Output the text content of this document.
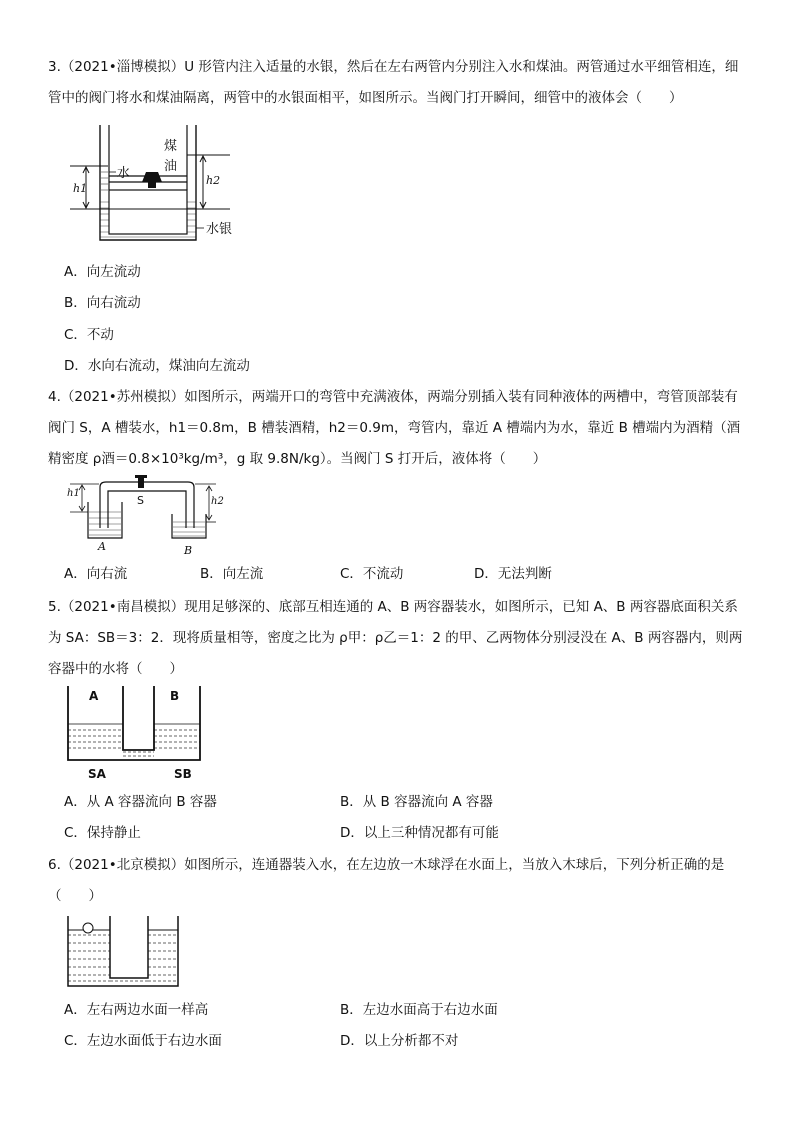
3.（2021•淄博模拟）U 形管内注入适量的水银，然后在左右两管内分别注入水和煤油。两管通过水平细管相连，细管中的阀门将水和煤油隔离，两管中的水银面相平，如图所示。当阀门打开瞬间，细管中的液体会（　　）

水
煤
油
水银
h1
h2
A．向左流动
B．向右流动
C．不动
D．水向右流动，煤油向左流动

4.（2021•苏州模拟）如图所示，两端开口的弯管中充满液体，两端分别插入装有同种液体的两槽中，弯管顶部装有阀门 S，A 槽装水，h1＝0.8m，B 槽装酒精，h2＝0.9m，弯管内，靠近 A 槽端内为水，靠近 B 槽端内为酒精（酒精密度 ρ酒＝0.8×10³kg/m³，g 取 9.8N/kg）。当阀门 S 打开后，液体将（　　）

S
h1
h2
A	B
A．向右流	B．向左流	C．不流动	D．无法判断

5.（2021•南昌模拟）现用足够深的、底部互相连通的 A、B 两容器装水，如图所示，已知 A、B 两容器底面积关系为 SA：SB＝3：2．现将质量相等，密度之比为 ρ甲：ρ乙＝1：2 的甲、乙两物体分别浸没在 A、B 两容器内，则两容器中的水将（　　）

A	B
SA	SB
A．从 A 容器流向 B 容器	B．从 B 容器流向 A 容器
C．保持静止	D．以上三种情况都有可能

6.（2021•北京模拟）如图所示，连通器装入水，在左边放一木球浮在水面上，当放入木球后，下列分析正确的是（　　）

A．左右两边水面一样高	B．左边水面高于右边水面
C．左边水面低于右边水面	D．以上分析都不对
